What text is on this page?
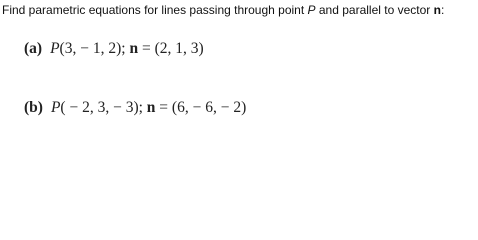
Find parametric equations for lines passing through point P and parallel to vector n:
(a) P(3, − 1, 2); n = (2, 1, 3)
(b) P( − 2, 3, − 3); n = (6, − 6, − 2)
